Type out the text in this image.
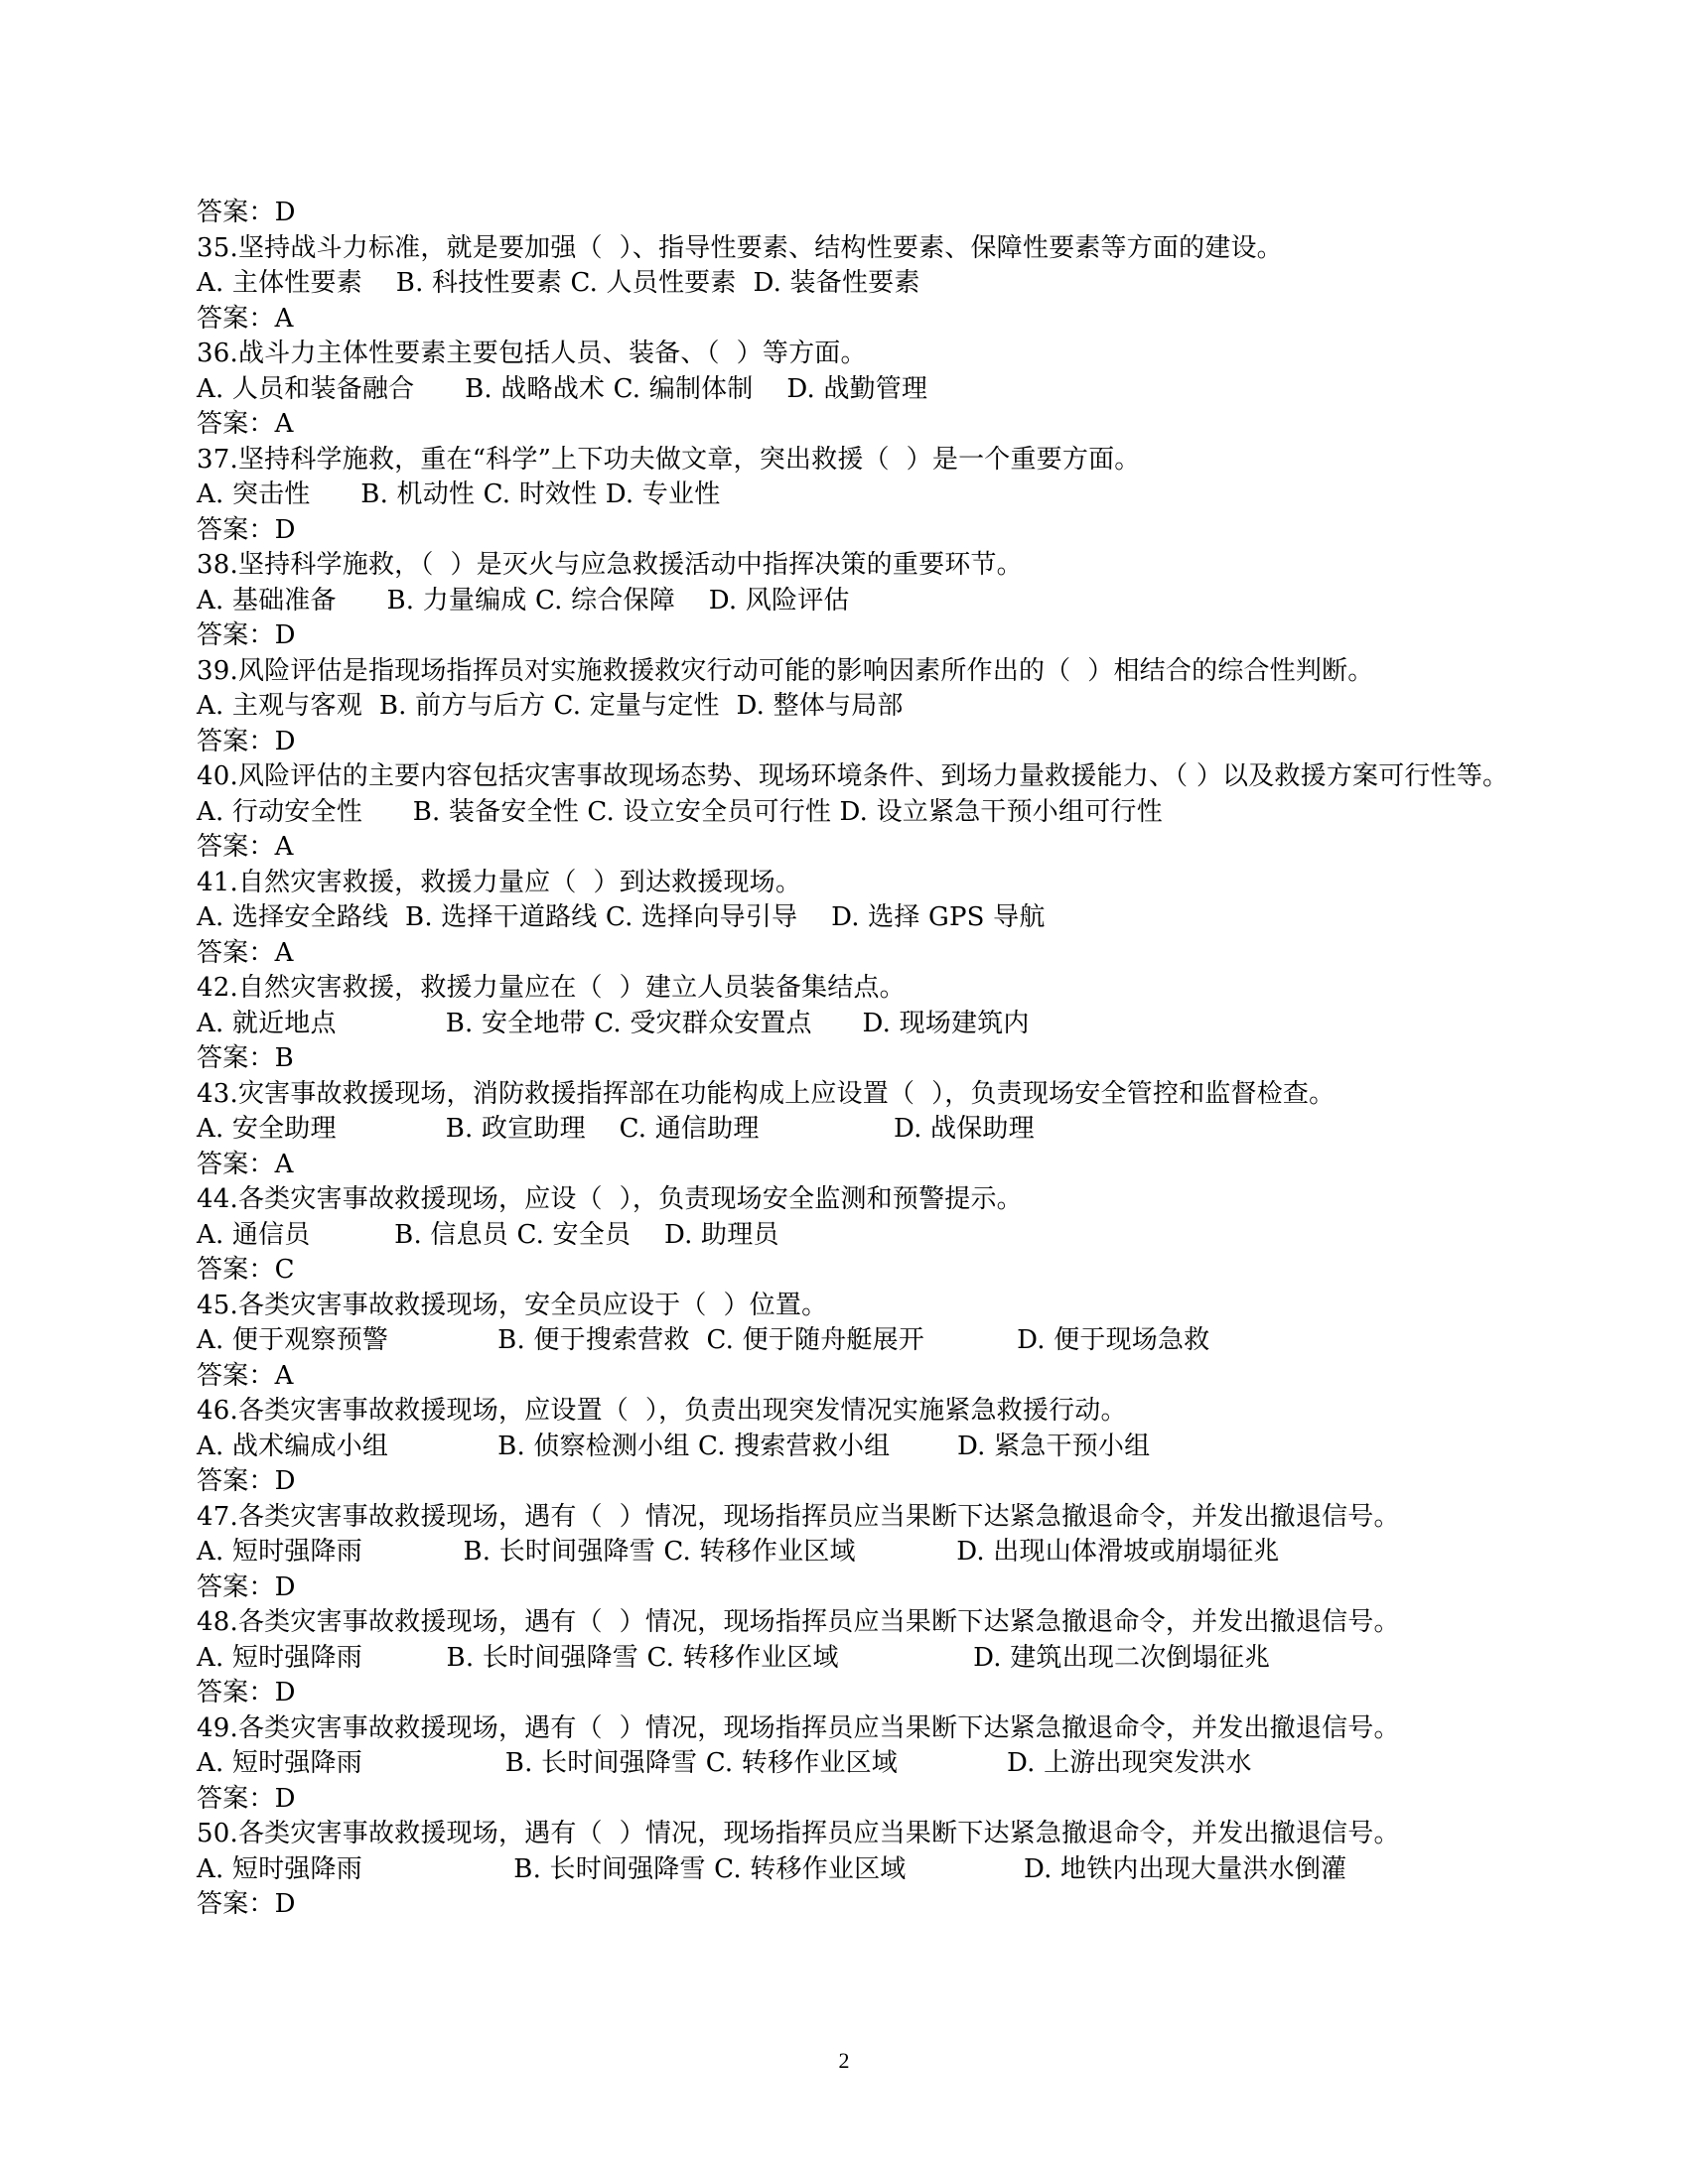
答案：D
35.坚持战斗力标准，就是要加强（  ）、指导性要素、结构性要素、保障性要素等方面的建设。
A. 主体性要素    B. 科技性要素 C. 人员性要素  D. 装备性要素
答案：A
36.战斗力主体性要素主要包括人员、装备、（  ）等方面。
A. 人员和装备融合      B. 战略战术 C. 编制体制    D. 战勤管理
答案：A
37.坚持科学施救，重在“科学”上下功夫做文章，突出救援（  ）是一个重要方面。
A. 突击性      B. 机动性 C. 时效性 D. 专业性
答案：D
38.坚持科学施救，（  ）是灭火与应急救援活动中指挥决策的重要环节。
A. 基础准备      B. 力量编成 C. 综合保障    D. 风险评估
答案：D
39.风险评估是指现场指挥员对实施救援救灾行动可能的影响因素所作出的（  ）相结合的综合性判断。
A. 主观与客观  B. 前方与后方 C. 定量与定性  D. 整体与局部
答案：D
40.风险评估的主要内容包括灾害事故现场态势、现场环境条件、到场力量救援能力、（ ）以及救援方案可行性等。
A. 行动安全性      B. 装备安全性 C. 设立安全员可行性 D. 设立紧急干预小组可行性
答案：A
41.自然灾害救援，救援力量应（  ）到达救援现场。
A. 选择安全路线  B. 选择干道路线 C. 选择向导引导    D. 选择 GPS 导航
答案：A
42.自然灾害救援，救援力量应在（  ）建立人员装备集结点。
A. 就近地点             B. 安全地带 C. 受灾群众安置点      D. 现场建筑内
答案：B
43.灾害事故救援现场，消防救援指挥部在功能构成上应设置（  ），负责现场安全管控和监督检查。
A. 安全助理             B. 政宣助理    C. 通信助理                D. 战保助理
答案：A
44.各类灾害事故救援现场，应设（  ），负责现场安全监测和预警提示。
A. 通信员          B. 信息员 C. 安全员    D. 助理员
答案：C
45.各类灾害事故救援现场，安全员应设于（  ）位置。
A. 便于观察预警             B. 便于搜索营救  C. 便于随舟艇展开           D. 便于现场急救
答案：A
46.各类灾害事故救援现场，应设置（  ），负责出现突发情况实施紧急救援行动。
A. 战术编成小组             B. 侦察检测小组 C. 搜索营救小组        D. 紧急干预小组
答案：D
47.各类灾害事故救援现场，遇有（  ）情况，现场指挥员应当果断下达紧急撤退命令，并发出撤退信号。
A. 短时强降雨            B. 长时间强降雪 C. 转移作业区域            D. 出现山体滑坡或崩塌征兆
答案：D
48.各类灾害事故救援现场，遇有（  ）情况，现场指挥员应当果断下达紧急撤退命令，并发出撤退信号。
A. 短时强降雨          B. 长时间强降雪 C. 转移作业区域                D. 建筑出现二次倒塌征兆
答案：D
49.各类灾害事故救援现场，遇有（  ）情况，现场指挥员应当果断下达紧急撤退命令，并发出撤退信号。
A. 短时强降雨                 B. 长时间强降雪 C. 转移作业区域             D. 上游出现突发洪水
答案：D
50.各类灾害事故救援现场，遇有（  ）情况，现场指挥员应当果断下达紧急撤退命令，并发出撤退信号。
A. 短时强降雨                  B. 长时间强降雪 C. 转移作业区域              D. 地铁内出现大量洪水倒灌
答案：D
2
